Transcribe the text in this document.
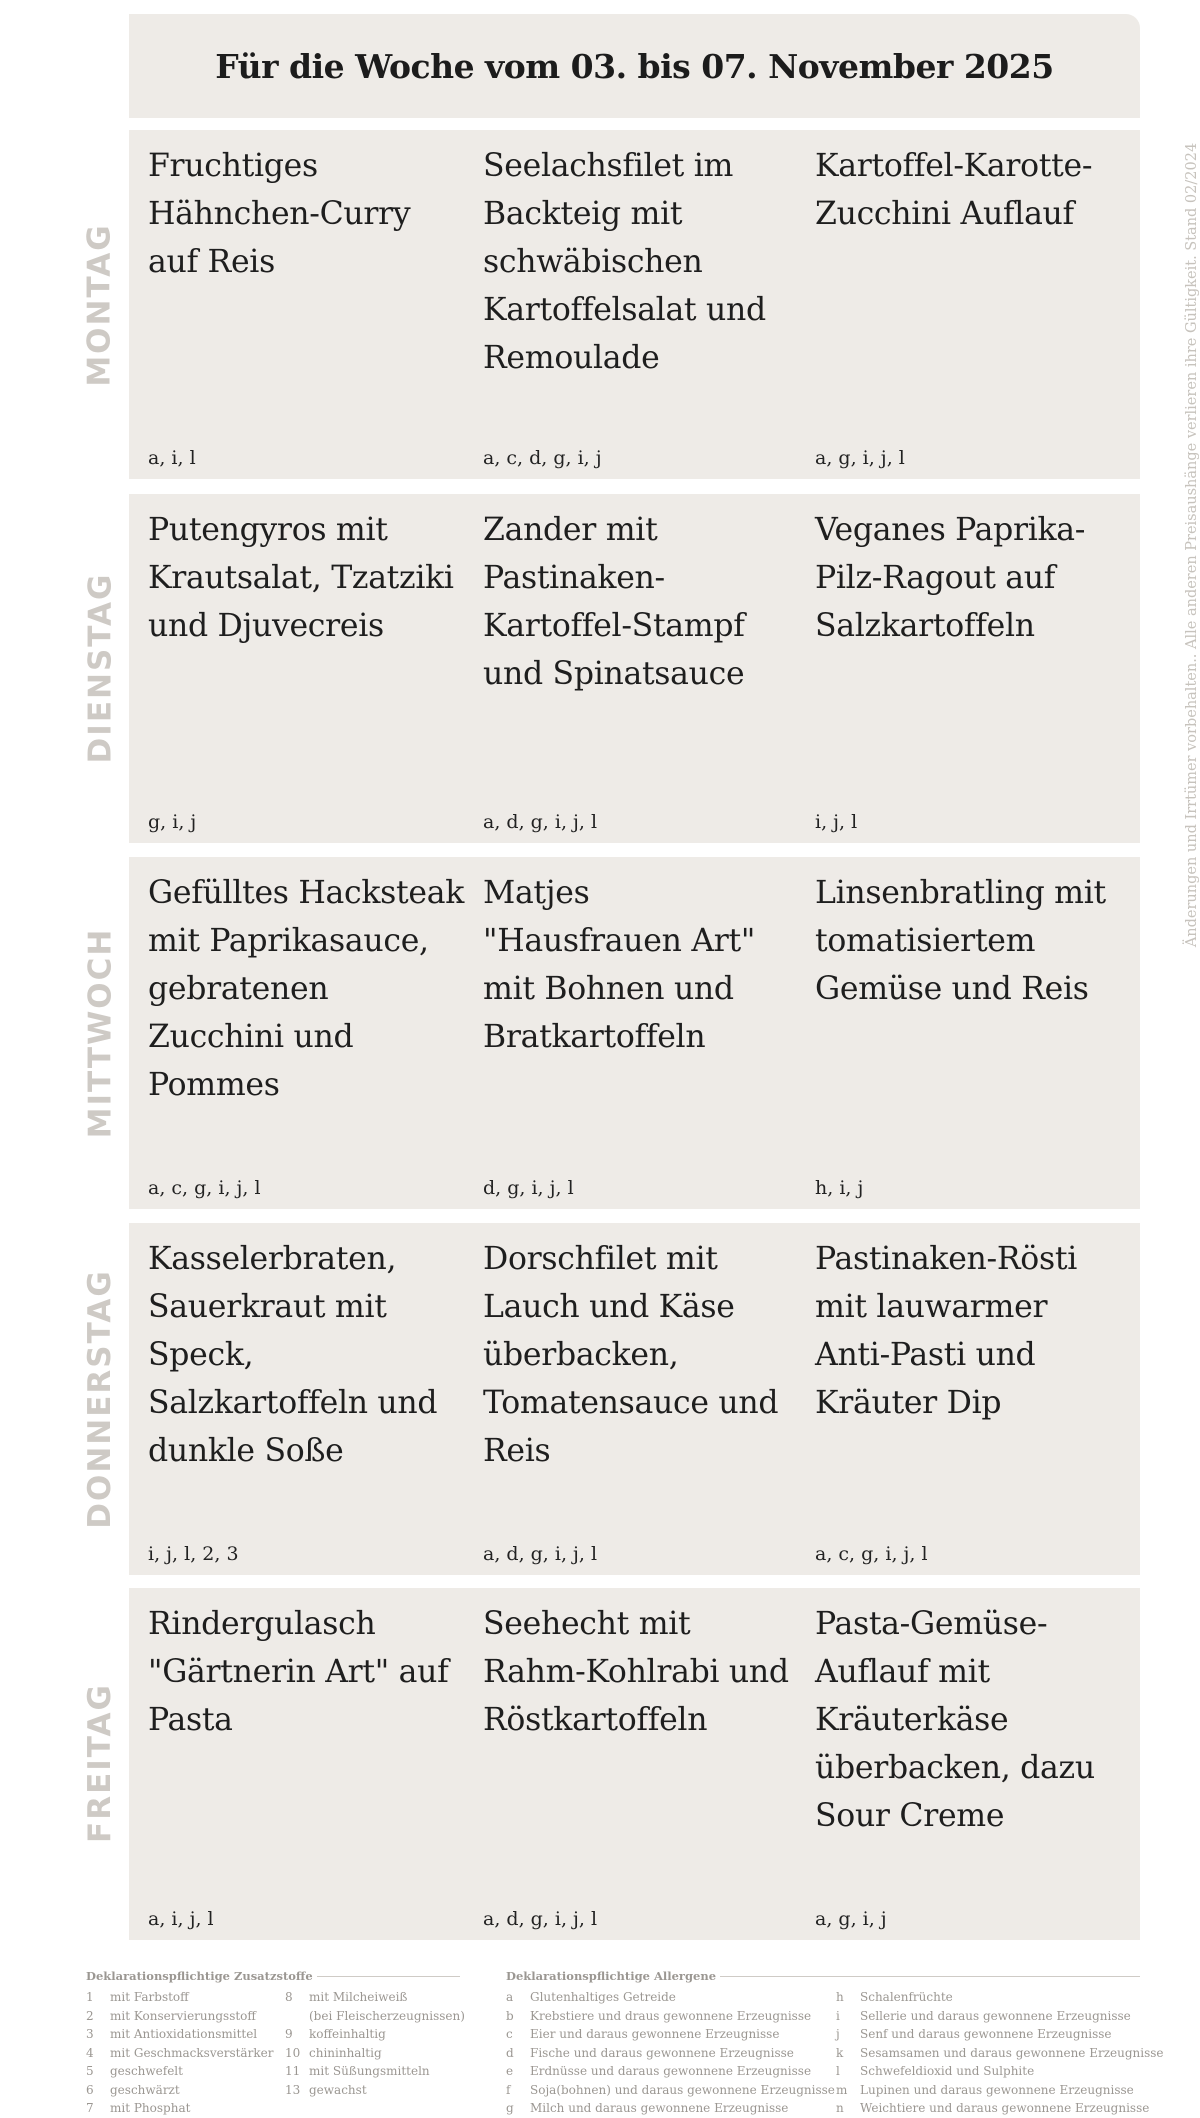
Für die Woche vom 03. bis 07. November 2025
Änderungen und Irrtümer vorbehalten.. Alle anderen Preisaushänge verlieren ihre Gültigkeit. Stand 02/2024
MONTAG
Fruchtiges Hähnchen-Curry auf Reis
a, i, l
Seelachsfilet im Backteig mit schwäbischen Kartoffelsalat und Remoulade
a, c, d, g, i, j
Kartoffel-Karotte-Zucchini Auflauf
a, g, i, j, l
DIENSTAG
Putengyros mit Krautsalat, Tzatziki und Djuvecreis
g, i, j
Zander mit Pastinaken-Kartoffel-Stampf und Spinatsauce
a, d, g, i, j, l
Veganes Paprika-Pilz-Ragout auf Salzkartoffeln
i, j, l
MITTWOCH
Gefülltes Hacksteak mit Paprikasauce, gebratenen Zucchini und Pommes
a, c, g, i, j, l
Matjes "Hausfrauen Art" mit Bohnen und Bratkartoffeln
d, g, i, j, l
Linsenbratling mit tomatisiertem Gemüse und Reis
h, i, j
DONNERSTAG
Kasselerbraten, Sauerkraut mit Speck, Salzkartoffeln und dunkle Soße
i, j, l, 2, 3
Dorschfilet mit Lauch und Käse überbacken, Tomatensauce und Reis
a, d, g, i, j, l
Pastinaken-Rösti mit lauwarmer Anti-Pasti und Kräuter Dip
a, c, g, i, j, l
FREITAG
Rindergulasch "Gärtnerin Art" auf Pasta
a, i, j, l
Seehecht mit Rahm-Kohlrabi und Röstkartoffeln
a, d, g, i, j, l
Pasta-Gemüse-Auflauf mit Kräuterkäse überbacken, dazu Sour Creme
a, g, i, j
Deklarationspflichtige Zusatzstoffe
1	mit Farbstoff
2	mit Konservierungsstoff
3	mit Antioxidationsmittel
4	mit Geschmacksverstärker
5	geschwefelt
6	geschwärzt
7	mit Phosphat
8	mit Milcheiweiß
(bei Fleischerzeugnissen)
9	koffeinhaltig
10 chininhaltig
11 mit Süßungsmitteln
13 gewachst
Deklarationspflichtige Allergene
a	Glutenhaltiges Getreide
b	Krebstiere und draus gewonnene Erzeugnisse
c	Eier und daraus gewonnene Erzeugnisse
d	Fische und daraus gewonnene Erzeugnisse
e	Erdnüsse und daraus gewonnene Erzeugnisse
f	Soja(bohnen) und daraus gewonnene Erzeugnisse
g	Milch und daraus gewonnene Erzeugnisse
h	Schalenfrüchte
i	Sellerie und daraus gewonnene Erzeugnisse
j	Senf und daraus gewonnene Erzeugnisse
k	Sesamsamen und daraus gewonnene Erzeugnisse
l	Schwefeldioxid und Sulphite
m	Lupinen und daraus gewonnene Erzeugnisse
n	Weichtiere und daraus gewonnene Erzeugnisse
